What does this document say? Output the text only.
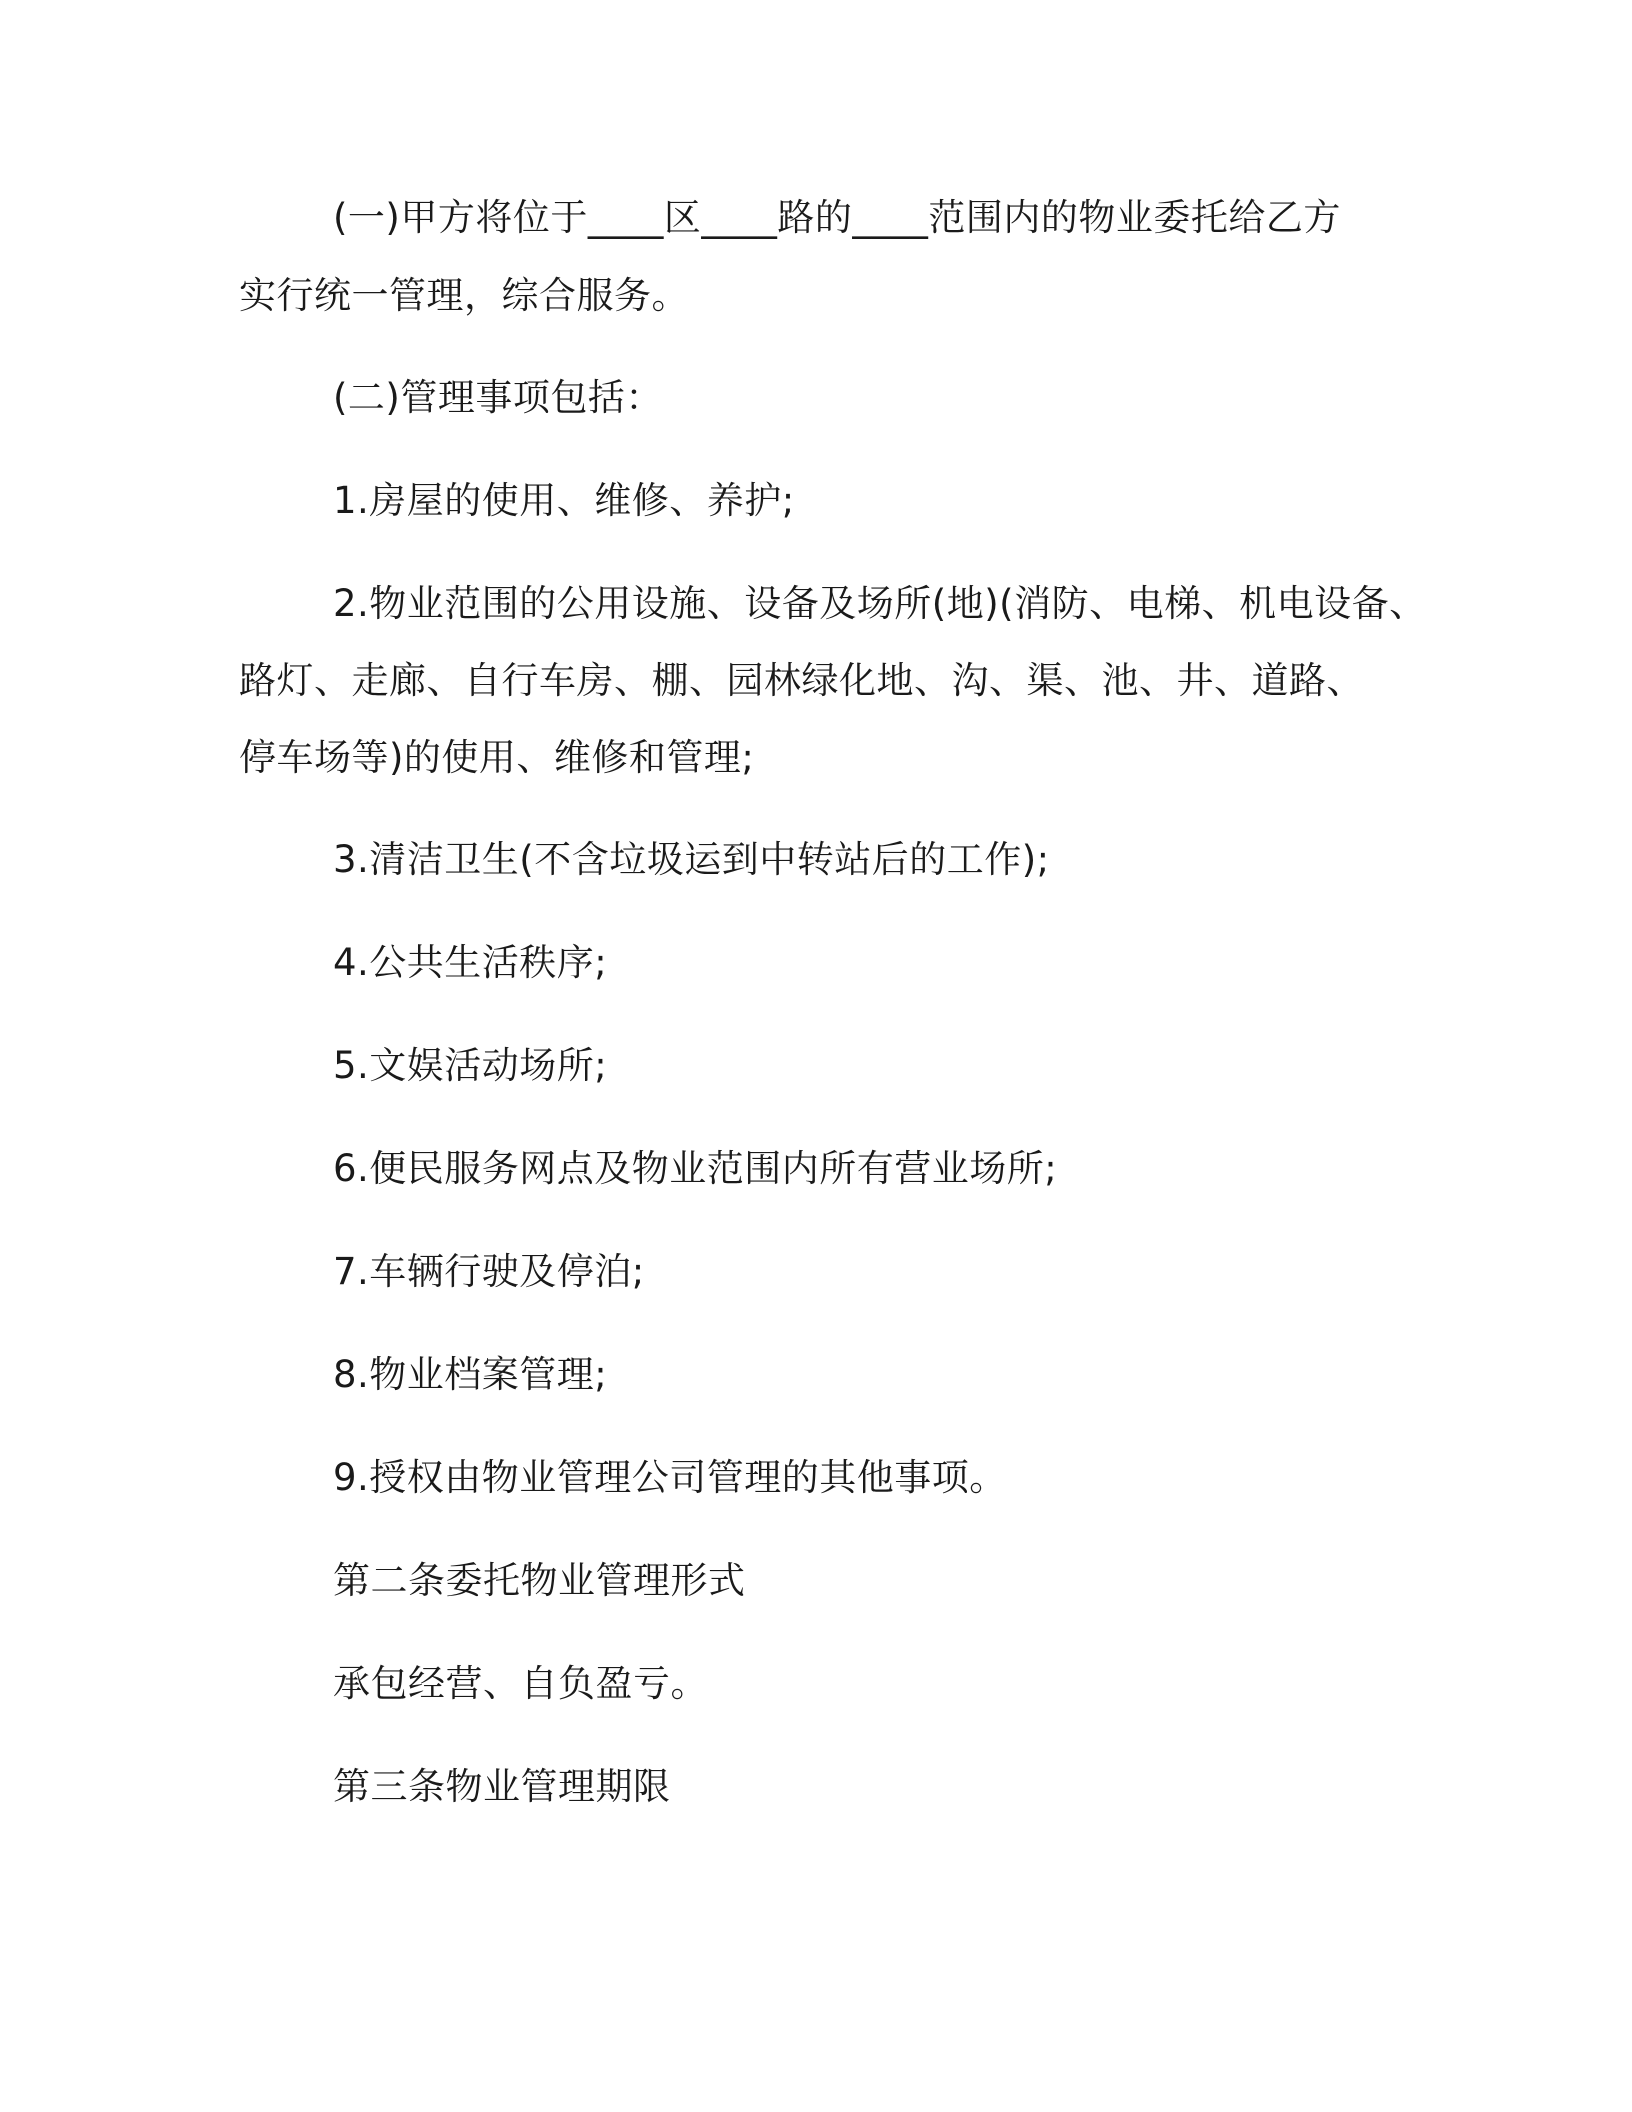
(一)甲方将位于____区____路的____范围内的物业委托给乙方
实行统一管理，综合服务。
(二)管理事项包括：
1.房屋的使用、维修、养护;
2.物业范围的公用设施、设备及场所(地)(消防、电梯、机电设备、
路灯、走廊、自行车房、棚、园林绿化地、沟、渠、池、井、道路、
停车场等)的使用、维修和管理;
3.清洁卫生(不含垃圾运到中转站后的工作);
4.公共生活秩序;
5.文娱活动场所;
6.便民服务网点及物业范围内所有营业场所;
7.车辆行驶及停泊;
8.物业档案管理;
9.授权由物业管理公司管理的其他事项。
第二条委托物业管理形式
承包经营、自负盈亏。
第三条物业管理期限
